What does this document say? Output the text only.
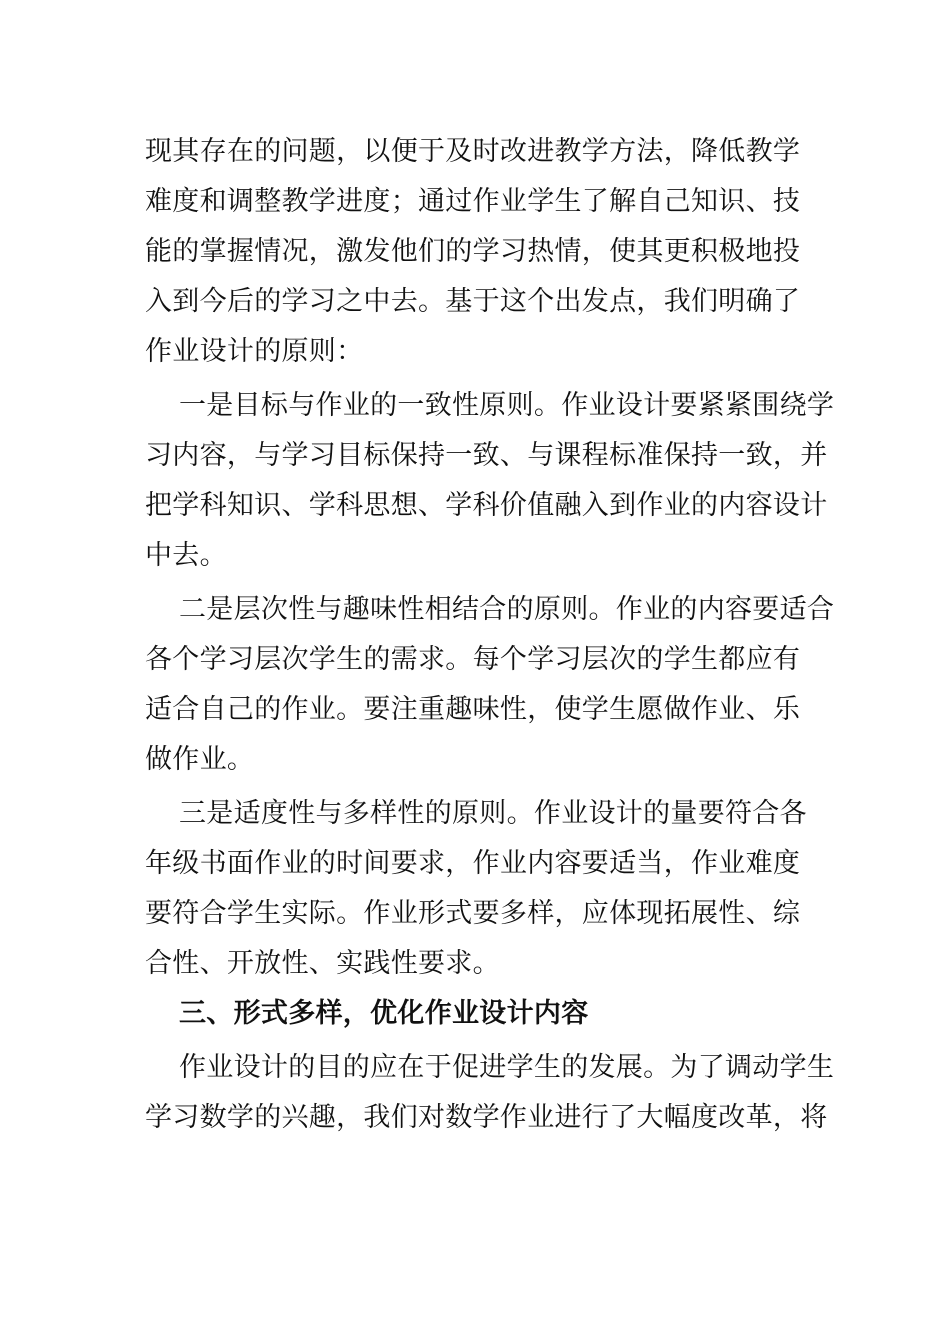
现其存在的问题，以便于及时改进教学方法，降低教学
难度和调整教学进度；通过作业学生了解自己知识、技
能的掌握情况，激发他们的学习热情，使其更积极地投
入到今后的学习之中去。基于这个出发点，我们明确了
作业设计的原则：
一是目标与作业的一致性原则。作业设计要紧紧围绕学
习内容，与学习目标保持一致、与课程标准保持一致，并
把学科知识、学科思想、学科价值融入到作业的内容设计
中去。
二是层次性与趣味性相结合的原则。作业的内容要适合
各个学习层次学生的需求。每个学习层次的学生都应有
适合自己的作业。要注重趣味性，使学生愿做作业、乐
做作业。
三是适度性与多样性的原则。作业设计的量要符合各
年级书面作业的时间要求，作业内容要适当，作业难度
要符合学生实际。作业形式要多样，应体现拓展性、综
合性、开放性、实践性要求。
三、形式多样，优化作业设计内容
作业设计的目的应在于促进学生的发展。为了调动学生
学习数学的兴趣，我们对数学作业进行了大幅度改革，将
